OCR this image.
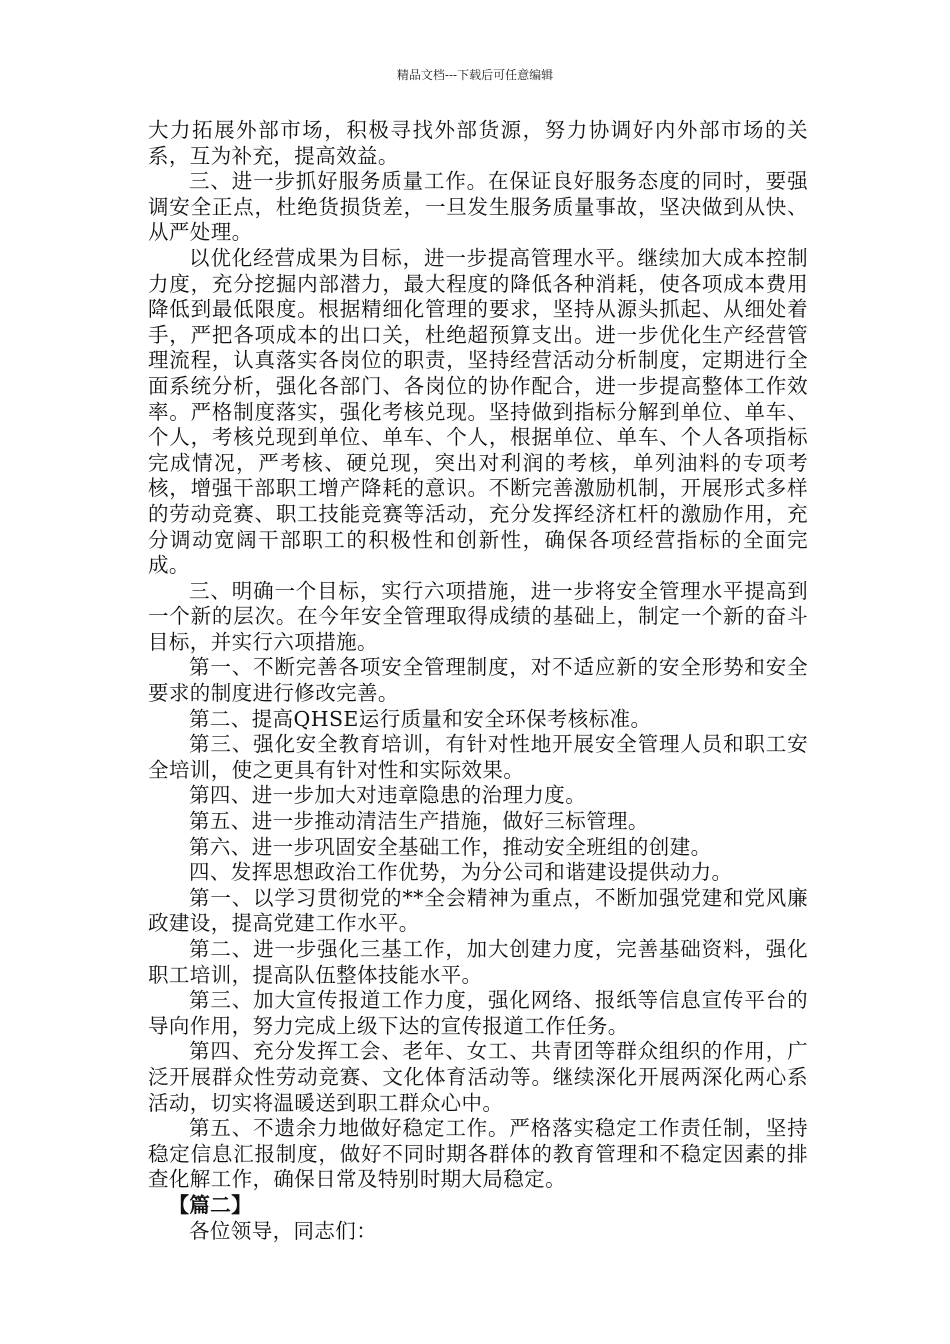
精品文档---下载后可任意编辑

大力拓展外部市场，积极寻找外部货源，努力协调好内外部市场的关系，互为补充，提高效益。

三、进一步抓好服务质量工作。在保证良好服务态度的同时，要强调安全正点，杜绝货损货差，一旦发生服务质量事故，坚决做到从快、从严处理。

以优化经营成果为目标，进一步提高管理水平。继续加大成本控制力度，充分挖掘内部潜力，最大程度的降低各种消耗，使各项成本费用降低到最低限度。根据精细化管理的要求，坚持从源头抓起、从细处着手，严把各项成本的出口关，杜绝超预算支出。进一步优化生产经营管理流程，认真落实各岗位的职责，坚持经营活动分析制度，定期进行全面系统分析，强化各部门、各岗位的协作配合，进一步提高整体工作效率。严格制度落实，强化考核兑现。坚持做到指标分解到单位、单车、个人，考核兑现到单位、单车、个人，根据单位、单车、个人各项指标完成情况，严考核、硬兑现，突出对利润的考核，单列油料的专项考核，增强干部职工增产降耗的意识。不断完善激励机制，开展形式多样的劳动竞赛、职工技能竞赛等活动，充分发挥经济杠杆的激励作用，充分调动宽阔干部职工的积极性和创新性，确保各项经营指标的全面完成。

三、明确一个目标，实行六项措施，进一步将安全管理水平提高到一个新的层次。在今年安全管理取得成绩的基础上，制定一个新的奋斗目标，并实行六项措施。

第一、不断完善各项安全管理制度，对不适应新的安全形势和安全要求的制度进行修改完善。

第二、提高QHSE运行质量和安全环保考核标准。

第三、强化安全教育培训，有针对性地开展安全管理人员和职工安全培训，使之更具有针对性和实际效果。

第四、进一步加大对违章隐患的治理力度。

第五、进一步推动清洁生产措施，做好三标管理。

第六、进一步巩固安全基础工作，推动安全班组的创建。

四、发挥思想政治工作优势，为分公司和谐建设提供动力。

第一、以学习贯彻党的**全会精神为重点，不断加强党建和党风廉政建设，提高党建工作水平。

第二、进一步强化三基工作，加大创建力度，完善基础资料，强化职工培训，提高队伍整体技能水平。

第三、加大宣传报道工作力度，强化网络、报纸等信息宣传平台的导向作用，努力完成上级下达的宣传报道工作任务。

第四、充分发挥工会、老年、女工、共青团等群众组织的作用，广泛开展群众性劳动竞赛、文化体育活动等。继续深化开展两深化两心系活动，切实将温暖送到职工群众心中。

第五、不遗余力地做好稳定工作。严格落实稳定工作责任制，坚持稳定信息汇报制度，做好不同时期各群体的教育管理和不稳定因素的排查化解工作，确保日常及特别时期大局稳定。

【篇二】

各位领导，同志们：
